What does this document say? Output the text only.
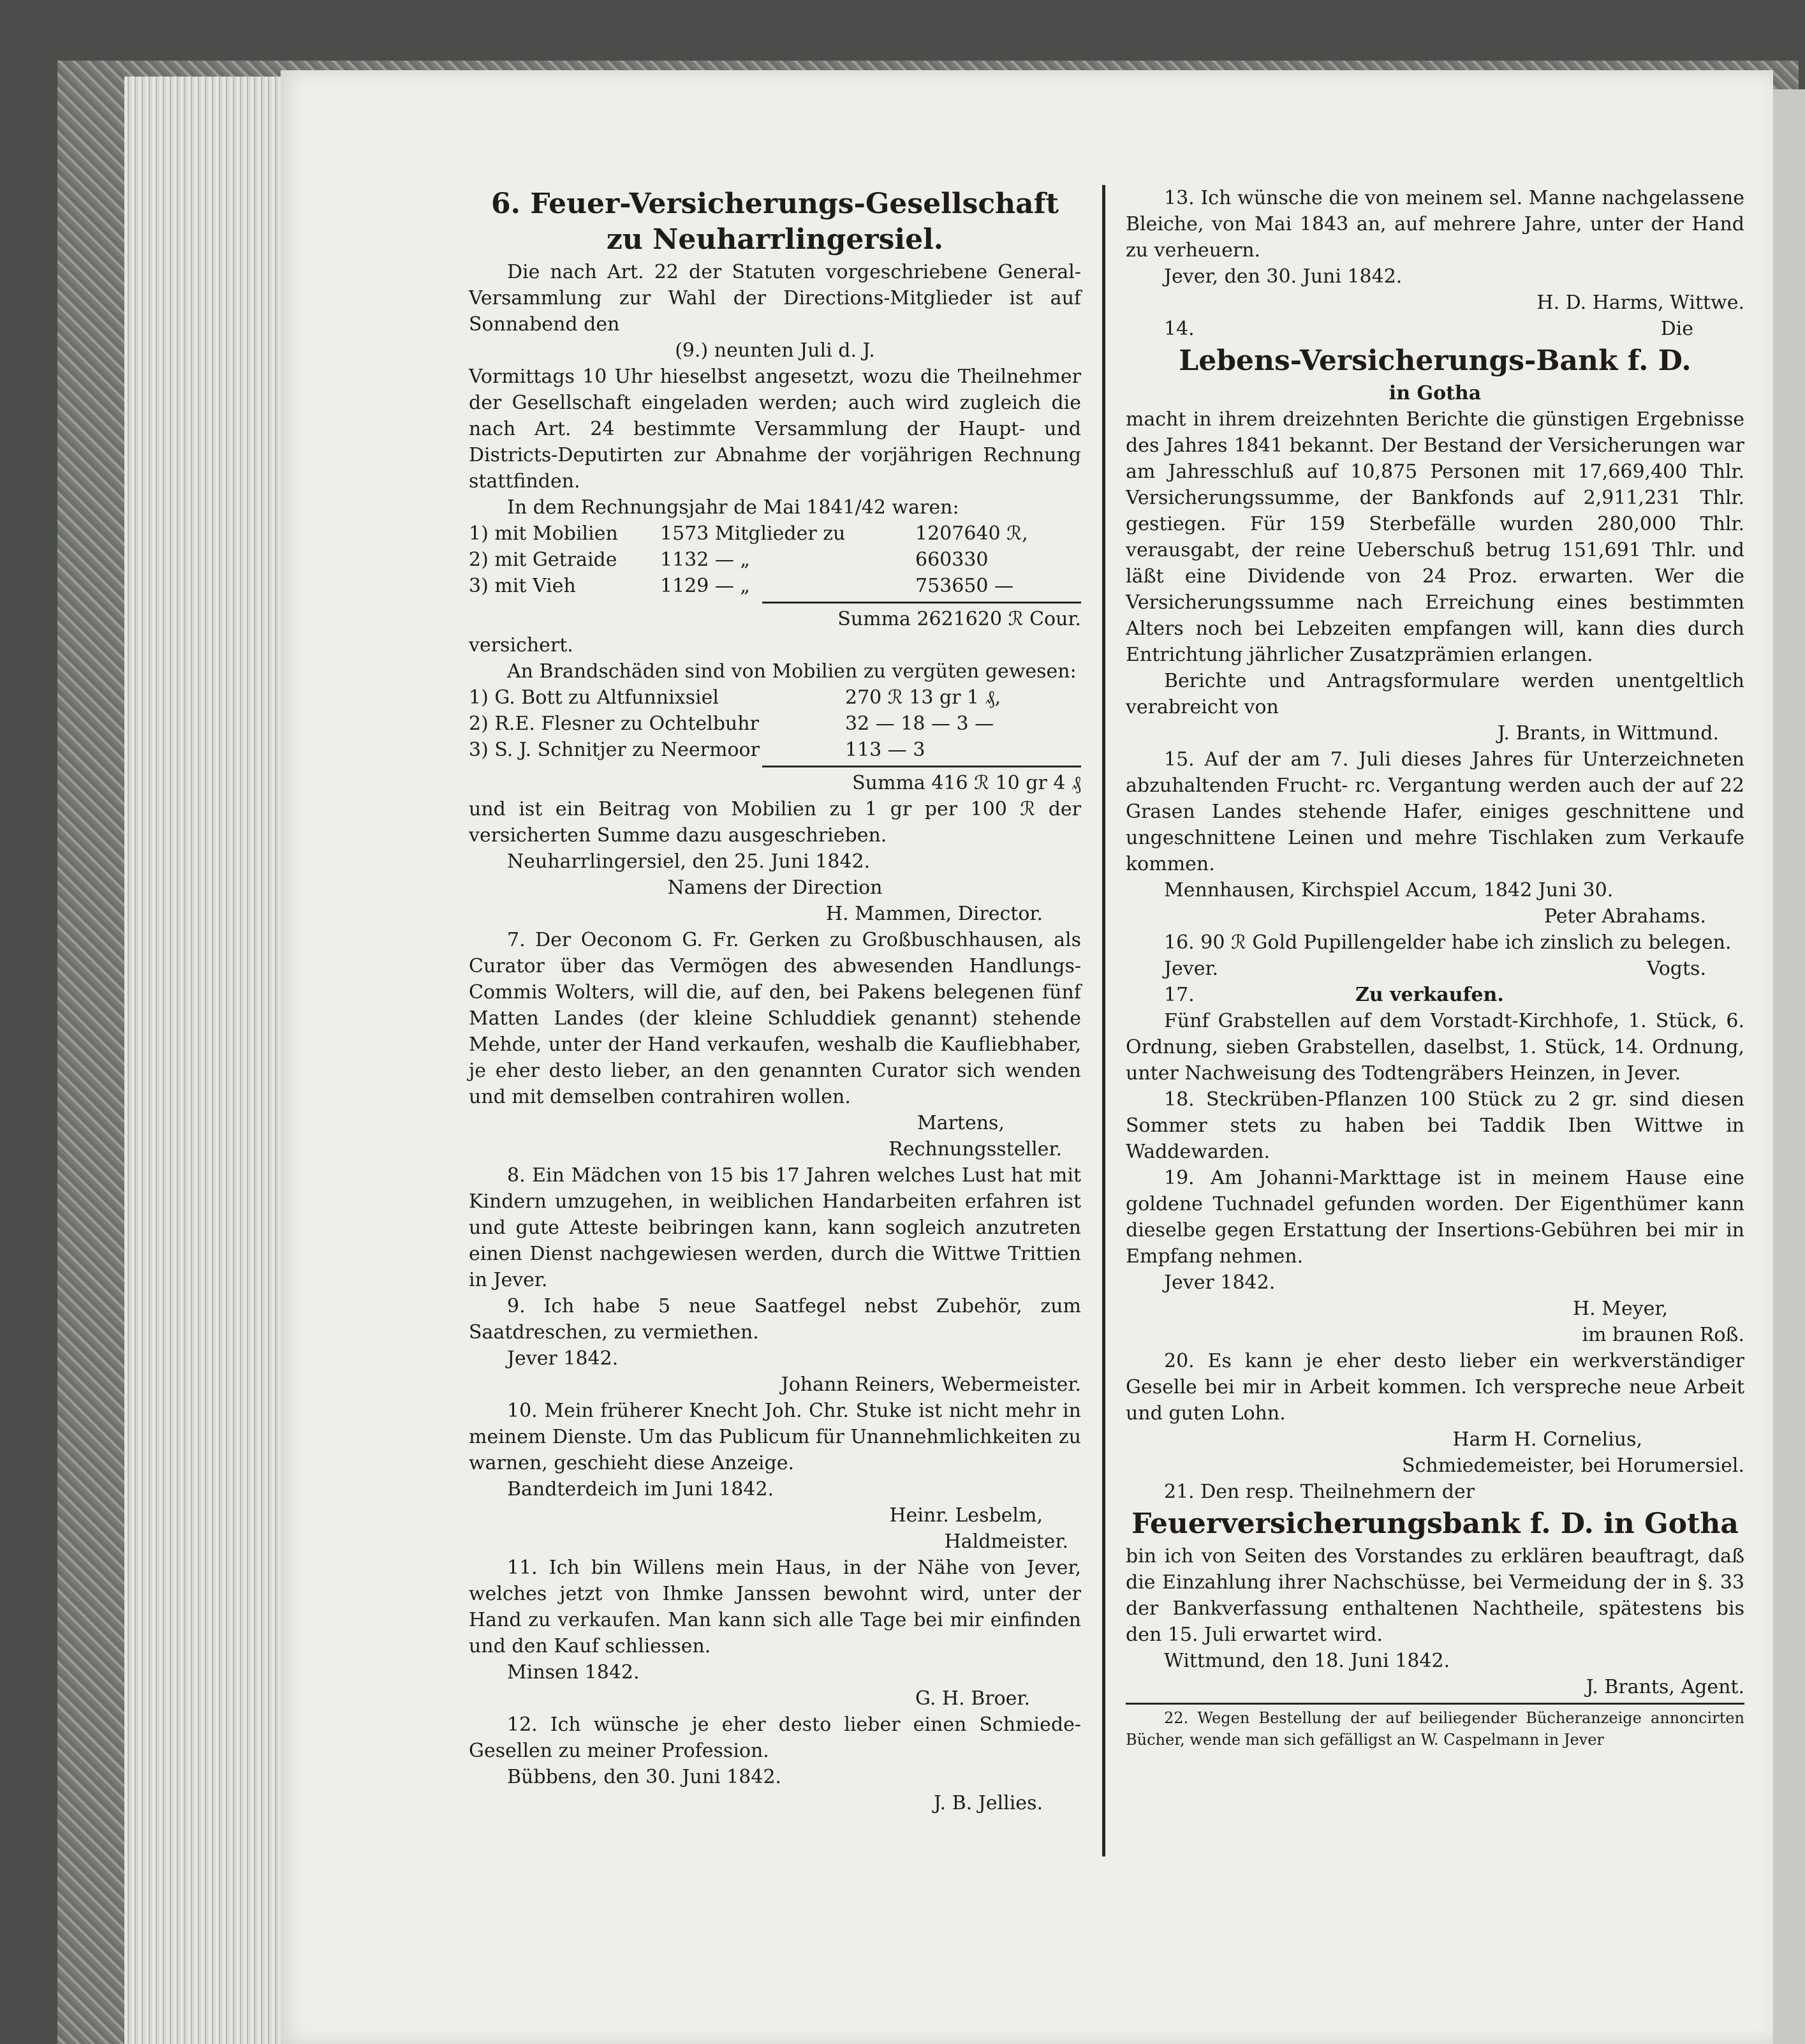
6. Feuer-Versicherungs-Gesellschaft
zu Neuharrlingersiel.

Die nach Art. 22 der Statuten vorgeschriebene General-Versammlung zur Wahl der Directions-Mitglieder ist auf Sonnabend den

(9.) neunten Juli d. J.

Vormittags 10 Uhr hieselbst angesetzt, wozu die Theilnehmer der Gesellschaft eingeladen werden; auch wird zugleich die nach Art. 24 bestimmte Versammlung der Haupt- und Districts-Deputirten zur Abnahme der vorjährigen Rechnung stattfinden.

In dem Rechnungsjahr de Mai 1841/42 waren:

1) mit Mobilien	1573 Mitglieder zu	1207640 ℛ,
2) mit Getraide	1132 — „	660330
3) mit Vieh	1129 — „	753650 —

Summa 2621620 ℛ Cour.

versichert.

An Brandschäden sind von Mobilien zu vergüten gewesen:

1) G. Bott zu Altfunnixsiel	270 ℛ 13 gr 1 ₰,
2) R.E. Flesner zu Ochtelbuhr	32 — 18 — 3 —
3) S. J. Schnitjer zu Neermoor	113 — 3

Summa 416 ℛ 10 gr 4 ₰

und ist ein Beitrag von Mobilien zu 1 gr per 100 ℛ der versicherten Summe dazu ausgeschrieben.

Neuharrlingersiel, den 25. Juni 1842.

Namens der Direction

H. Mammen, Director.

7. Der Oeconom G. Fr. Gerken zu Großbuschhausen, als Curator über das Vermögen des abwesenden Handlungs-Commis Wolters, will die, auf den, bei Pakens belegenen fünf Matten Landes (der kleine Schluddiek genannt) stehende Mehde, unter der Hand verkaufen, weshalb die Kaufliebhaber, je eher desto lieber, an den genannten Curator sich wenden und mit demselben contrahiren wollen.

Martens,

Rechnungssteller.

8. Ein Mädchen von 15 bis 17 Jahren welches Lust hat mit Kindern umzugehen, in weiblichen Handarbeiten erfahren ist und gute Atteste beibringen kann, kann sogleich anzutreten einen Dienst nachgewiesen werden, durch die Wittwe Trittien in Jever.

9. Ich habe 5 neue Saatfegel nebst Zubehör, zum Saatdreschen, zu vermiethen.

Jever 1842.

Johann Reiners, Webermeister.

10. Mein früherer Knecht Joh. Chr. Stuke ist nicht mehr in meinem Dienste. Um das Publicum für Unannehmlichkeiten zu warnen, geschieht diese Anzeige.

Bandterdeich im Juni 1842.

Heinr. Lesbelm,

Haldmeister.

11. Ich bin Willens mein Haus, in der Nähe von Jever, welches jetzt von Ihmke Janssen bewohnt wird, unter der Hand zu verkaufen. Man kann sich alle Tage bei mir einfinden und den Kauf schliessen.

Minsen 1842.

G. H. Broer.

12. Ich wünsche je eher desto lieber einen Schmiede-Gesellen zu meiner Profession.

Bübbens, den 30. Juni 1842.

J. B. Jellies.

13. Ich wünsche die von meinem sel. Manne nachgelassene Bleiche, von Mai 1843 an, auf mehrere Jahre, unter der Hand zu verheuern.

Jever, den 30. Juni 1842.

H. D. Harms, Wittwe.

14.	Die
Lebens-Versicherungs-Bank f. D.

in Gotha

macht in ihrem dreizehnten Berichte die günstigen Ergebnisse des Jahres 1841 bekannt. Der Bestand der Versicherungen war am Jahresschluß auf 10,875 Personen mit 17,669,400 Thlr. Versicherungssumme, der Bankfonds auf 2,911,231 Thlr. gestiegen. Für 159 Sterbefälle wurden 280,000 Thlr. verausgabt, der reine Ueberschuß betrug 151,691 Thlr. und läßt eine Dividende von 24 Proz. erwarten. Wer die Versicherungssumme nach Erreichung eines bestimmten Alters noch bei Lebzeiten empfangen will, kann dies durch Entrichtung jährlicher Zusatzprämien erlangen.

Berichte und Antragsformulare werden unentgeltlich verabreicht von

J. Brants, in Wittmund.

15. Auf der am 7. Juli dieses Jahres für Unterzeichneten abzuhaltenden Frucht- rc. Vergantung werden auch der auf 22 Grasen Landes stehende Hafer, einiges geschnittene und ungeschnittene Leinen und mehre Tischlaken zum Verkaufe kommen.

Mennhausen, Kirchspiel Accum, 1842 Juni 30.

Peter Abrahams.

16. 90 ℛ Gold Pupillengelder habe ich zinslich zu belegen.

Jever.	Vogts.
17.	Zu verkaufen.

Fünf Grabstellen auf dem Vorstadt-Kirchhofe, 1. Stück, 6. Ordnung, sieben Grabstellen, daselbst, 1. Stück, 14. Ordnung, unter Nachweisung des Todtengräbers Heinzen, in Jever.

18. Steckrüben-Pflanzen 100 Stück zu 2 gr. sind diesen Sommer stets zu haben bei Taddik Iben Wittwe in Waddewarden.

19. Am Johanni-Markttage ist in meinem Hause eine goldene Tuchnadel gefunden worden. Der Eigenthümer kann dieselbe gegen Erstattung der Insertions-Gebühren bei mir in Empfang nehmen.

Jever 1842.

H. Meyer,

im braunen Roß.

20. Es kann je eher desto lieber ein werkverständiger Geselle bei mir in Arbeit kommen. Ich verspreche neue Arbeit und guten Lohn.

Harm H. Cornelius,

Schmiedemeister, bei Horumersiel.

21. Den resp. Theilnehmern der

Feuerversicherungsbank f. D. in Gotha

bin ich von Seiten des Vorstandes zu erklären beauftragt, daß die Einzahlung ihrer Nachschüsse, bei Vermeidung der in §. 33 der Bankverfassung enthaltenen Nachtheile, spätestens bis den 15. Juli erwartet wird.

Wittmund, den 18. Juni 1842.

J. Brants, Agent.

22. Wegen Bestellung der auf beiliegender Bücheranzeige annoncirten Bücher, wende man sich gefälligst an W. Caspelmann in Jever
